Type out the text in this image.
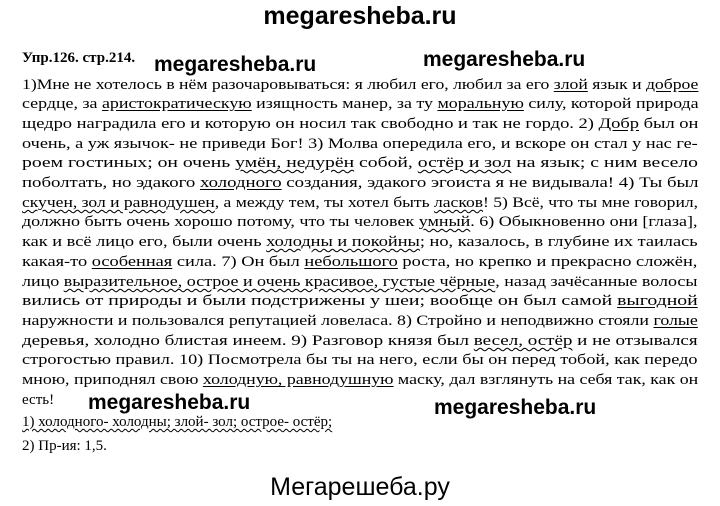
megaresheba.ru
Упр.126. стр.214. megaresheba.ru	megaresheba.ru
1)Мне не хотелось в нём разочаровываться: я любил его, любил за его злой язык и доброе
сердце, за аристократическую изящность манер, за ту моральную силу, которой природа
щедро наградила его и которую он носил так свободно и так не гордо. 2) Добр был он
очень, а уж язычок- не приведи Бог! 3) Молва опередила его, и вскоре он стал у нас ге-
роем гостиных; он очень умён, недурён собой, остёр и зол на язык; с ним весело
поболтать, но эдакого холодного создания, эдакого эгоиста я не видывала! 4) Ты был
скучен, зол и равнодушен, а между тем, ты хотел быть ласков! 5) Всё, что ты мне говорил,
должно быть очень хорошо потому, что ты человек умный. 6) Обыкновенно они [глаза],
как и всё лицо его, были очень холодны и покойны; но, казалось, в глубине их таилась
какая-то особенная сила. 7) Он был небольшого роста, но крепко и прекрасно сложён,
лицо выразительное, острое и очень красивое, густые чёрные, назад зачёсанные волосы
вились от природы и были подстрижены у шеи; вообще он был самой выгодной
наружности и пользовался репутацией ловеласа. 8) Стройно и неподвижно стояли голые
деревья, холодно блистая инеем. 9) Разговор князя был весел, остёр и не отзывался
строгостью правил. 10) Посмотрела бы ты на него, если бы он перед тобой, как передо
мною, приподнял свою холодную, равнодушную маску, дал взглянуть на себя так, как он
есть! megaresheba.ru	megaresheba.ru
1) холодного- холодны; злой- зол; острое- остёр;
2) Пр-ия: 1,5.
Мегарешеба.ру
